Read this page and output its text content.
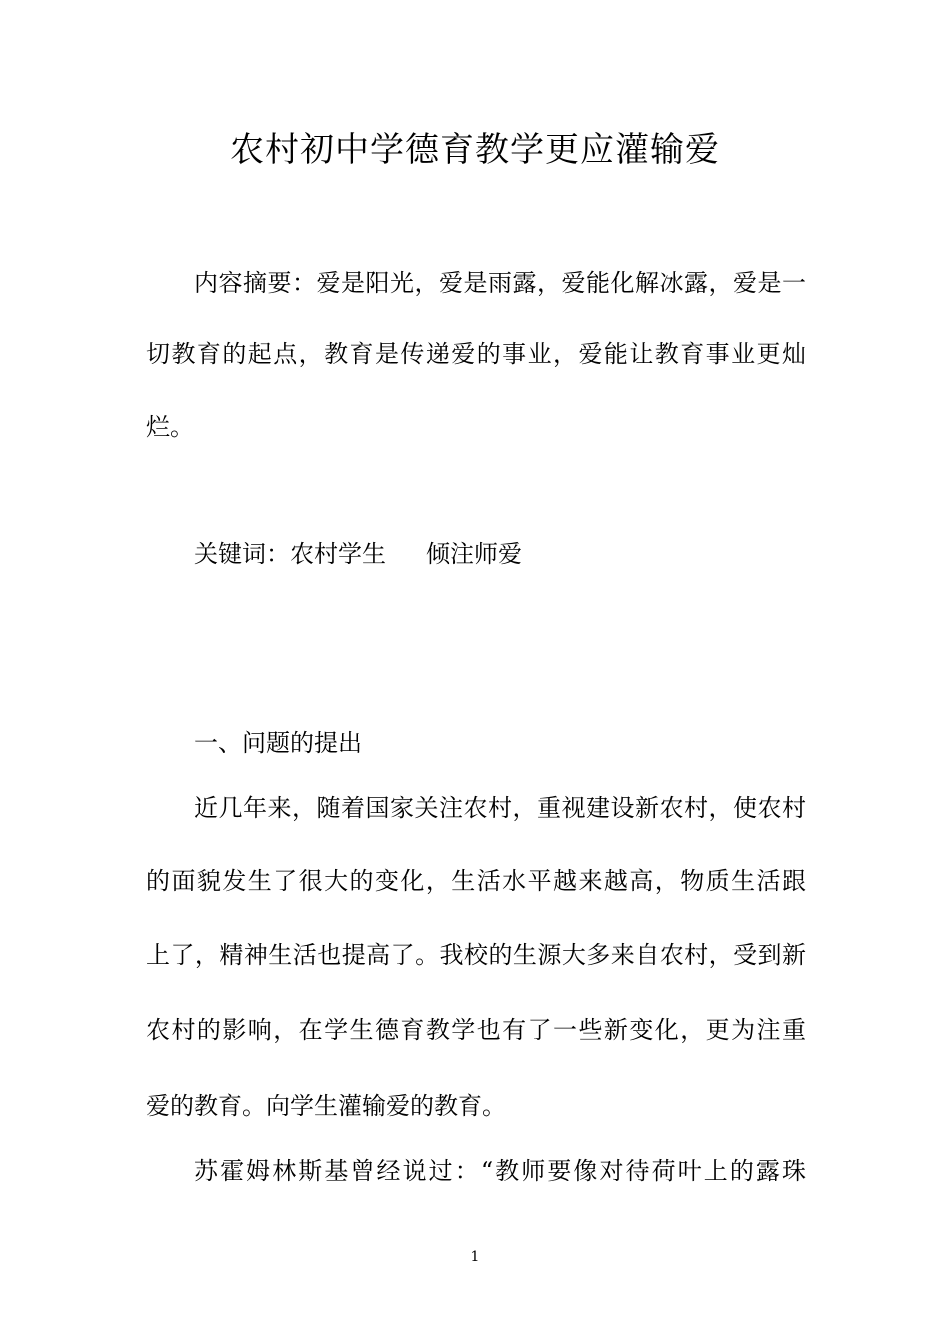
农村初中学德育教学更应灌输爱
内容摘要：爱是阳光，爱是雨露，爱能化解冰露，爱是一
切教育的起点，教育是传递爱的事业，爱能让教育事业更灿
烂。
关键词：农村学生 倾注师爱
一、问题的提出
近几年来，随着国家关注农村，重视建设新农村，使农村
的面貌发生了很大的变化，生活水平越来越高，物质生活跟
上了，精神生活也提高了。我校的生源大多来自农村，受到新
农村的影响，在学生德育教学也有了一些新变化，更为注重
爱的教育。向学生灌输爱的教育。
苏霍姆林斯基曾经说过：“教师要像对待荷叶上的露珠
1
